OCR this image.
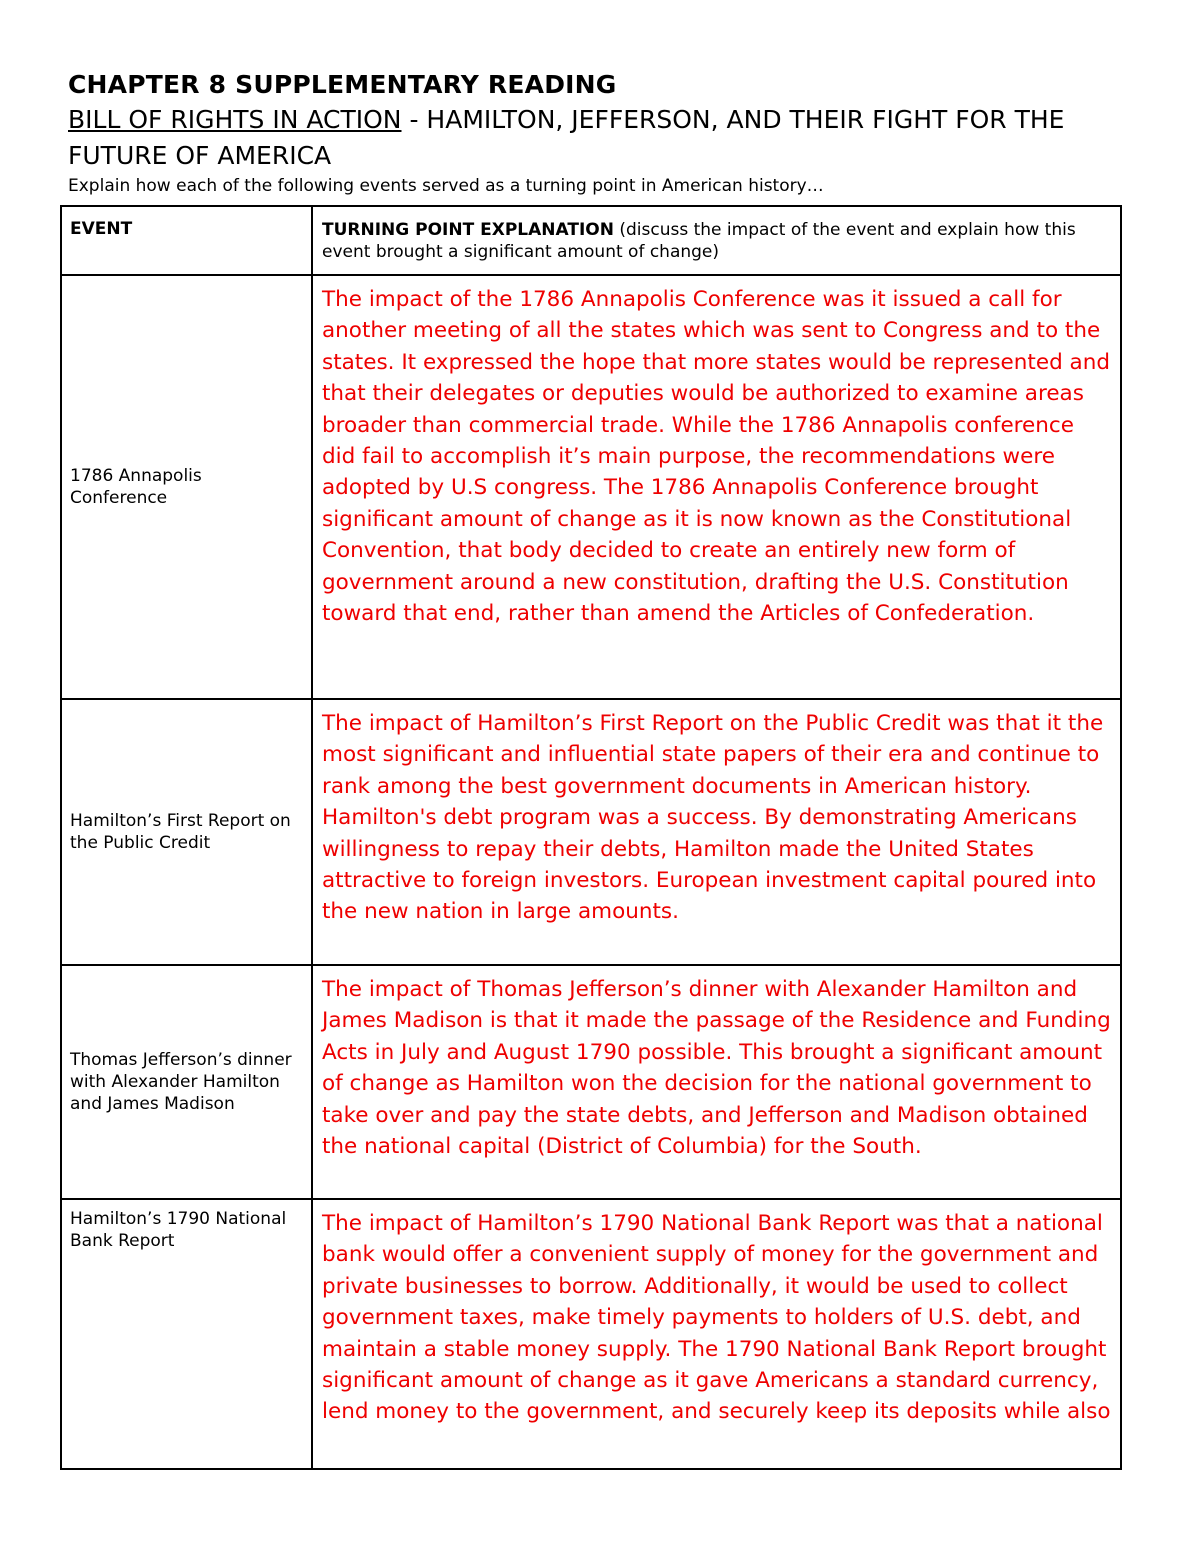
CHAPTER 8 SUPPLEMENTARY READING

BILL OF RIGHTS IN ACTION - HAMILTON, JEFFERSON, AND THEIR FIGHT FOR THE FUTURE OF AMERICA

Explain how each of the following events served as a turning point in American history…

EVENT	TURNING POINT EXPLANATION (discuss the impact of the event and explain how this event brought a significant amount of change)
1786 Annapolis Conference	The impact of the 1786 Annapolis Conference was it issued a call for another meeting of all the states which was sent to Congress and to the states. It expressed the hope that more states would be represented and that their delegates or deputies would be authorized to examine areas broader than commercial trade. While the 1786 Annapolis conference did fail to accomplish it’s main purpose, the recommendations were adopted by U.S congress. The 1786 Annapolis Conference brought significant amount of change as it is now known as the Constitutional Convention, that body decided to create an entirely new form of government around a new constitution, drafting the U.S. Constitution toward that end, rather than amend the Articles of Confederation.
Hamilton’s First Report on the Public Credit	The impact of Hamilton’s First Report on the Public Credit was that it the most significant and influential state papers of their era and continue to rank among the best government documents in American history. Hamilton's debt program was a success. By demonstrating Americans willingness to repay their debts, Hamilton made the United States attractive to foreign investors. European investment capital poured into the new nation in large amounts.
Thomas Jefferson’s dinner with Alexander Hamilton and James Madison	The impact of Thomas Jefferson’s dinner with Alexander Hamilton and James Madison is that it made the passage of the Residence and Funding Acts in July and August 1790 possible. This brought a significant amount of change as Hamilton won the decision for the national government to take over and pay the state debts, and Jefferson and Madison obtained the national capital (District of Columbia) for the South.
Hamilton’s 1790 National Bank Report	The impact of Hamilton’s 1790 National Bank Report was that a national bank would offer a convenient supply of money for the government and private businesses to borrow. Additionally, it would be used to collect government taxes, make timely payments to holders of U.S. debt, and maintain a stable money supply. The 1790 National Bank Report brought significant amount of change as it gave Americans a standard currency, lend money to the government, and securely keep its deposits while also
